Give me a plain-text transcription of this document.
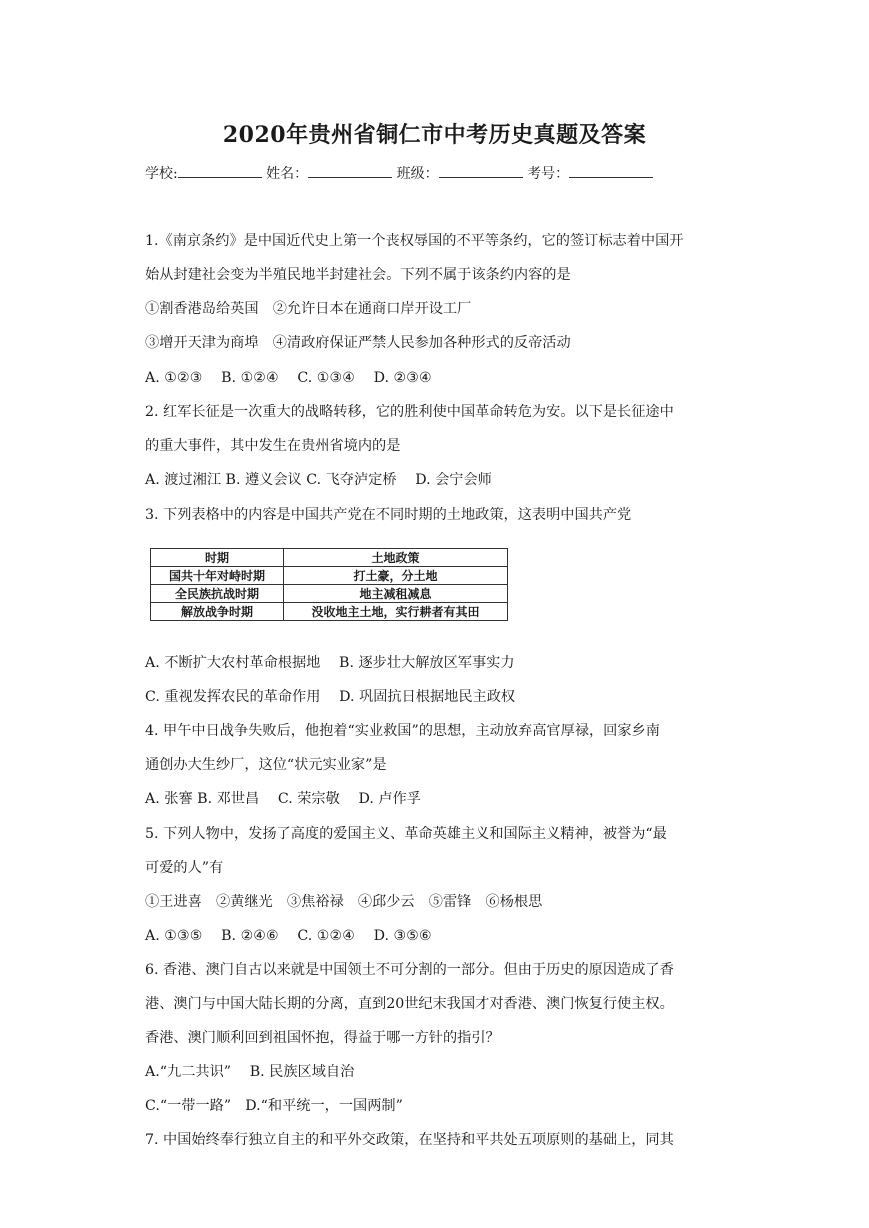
2020年贵州省铜仁市中考历史真题及答案
学校:	姓名：	班级：	考号：
1.《南京条约》是中国近代史上第一个丧权辱国的不平等条约，它的签订标志着中国开
始从封建社会变为半殖民地半封建社会。下列不属于该条约内容的是
①割香港岛给英国　②允许日本在通商口岸开设工厂
③增开天津为商埠　④清政府保证严禁人民参加各种形式的反帝活动
A. ①②③　 B. ①②④　 C. ①③④　 D. ②③④
2. 红军长征是一次重大的战略转移，它的胜利使中国革命转危为安。以下是长征途中
的重大事件，其中发生在贵州省境内的是
A. 渡过湘江 B. 遵义会议 C. 飞夺泸定桥　 D. 会宁会师
3. 下列表格中的内容是中国共产党在不同时期的土地政策，这表明中国共产党
时期	土地政策
国共十年对峙时期	打土豪，分土地
全民族抗战时期	地主减租减息
解放战争时期	没收地主土地，实行耕者有其田
A. 不断扩大农村革命根据地　 B. 逐步壮大解放区军事实力
C. 重视发挥农民的革命作用　 D. 巩固抗日根据地民主政权
4. 甲午中日战争失败后，他抱着“实业救国”的思想，主动放弃高官厚禄，回家乡南
通创办大生纱厂，这位“状元实业家”是
A. 张謇 B. 邓世昌　 C. 荣宗敬　 D. 卢作孚
5. 下列人物中，发扬了高度的爱国主义、革命英雄主义和国际主义精神，被誉为“最
可爱的人”有
①王进喜　②黄继光　③焦裕禄　④邱少云　⑤雷锋　⑥杨根思
A. ①③⑤　 B. ②④⑥　 C. ①②④　 D. ③⑤⑥
6. 香港、澳门自古以来就是中国领土不可分割的一部分。但由于历史的原因造成了香
港、澳门与中国大陆长期的分离，直到20世纪末我国才对香港、澳门恢复行使主权。
香港、澳门顺利回到祖国怀抱，得益于哪一方针的指引？
A.“九二共识”　 B. 民族区域自治
C.“一带一路”　D.“和平统一，一国两制”
7. 中国始终奉行独立自主的和平外交政策，在坚持和平共处五项原则的基础上，同其
